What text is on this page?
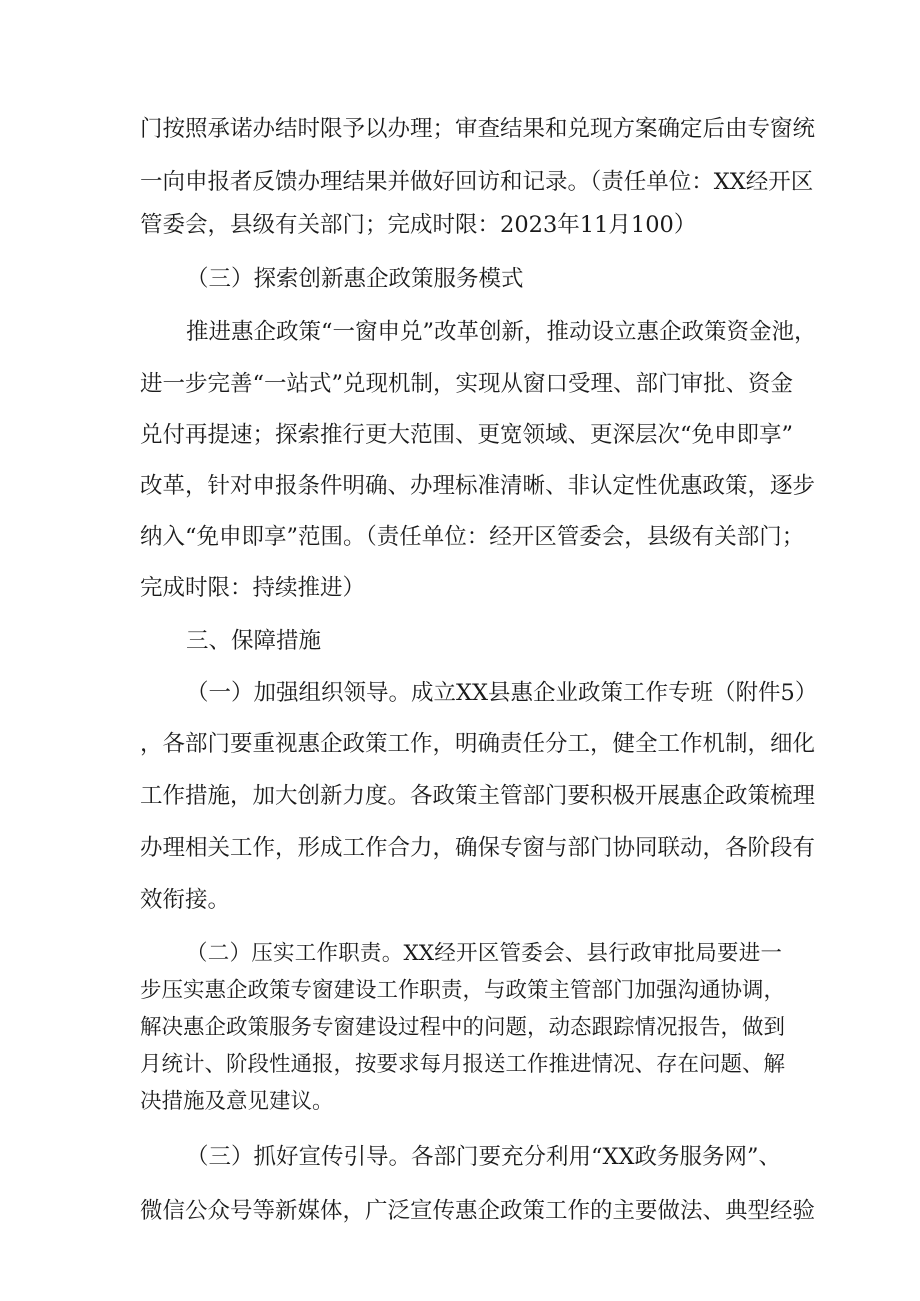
门按照承诺办结时限予以办理；审查结果和兑现方案确定后由专窗统
一向申报者反馈办理结果并做好回访和记录。（责任单位：XX经开区
管委会，县级有关部门；完成时限：2023年11月100）
（三）探索创新惠企政策服务模式
推进惠企政策“一窗申兑”改革创新，推动设立惠企政策资金池，
进一步完善“一站式”兑现机制，实现从窗口受理、部门审批、资金
兑付再提速；探索推行更大范围、更宽领域、更深层次“免申即享”
改革，针对申报条件明确、办理标准清晰、非认定性优惠政策，逐步
纳入“免申即享”范围。（责任单位：经开区管委会，县级有关部门；
完成时限：持续推进）
三、保障措施
（一）加强组织领导。成立XX县惠企业政策工作专班（附件5）
，各部门要重视惠企政策工作，明确责任分工，健全工作机制，细化
工作措施，加大创新力度。各政策主管部门要积极开展惠企政策梳理
办理相关工作，形成工作合力，确保专窗与部门协同联动，各阶段有
效衔接。
（二）压实工作职责。XX经开区管委会、县行政审批局要进一
步压实惠企政策专窗建设工作职责，与政策主管部门加强沟通协调，
解决惠企政策服务专窗建设过程中的问题，动态跟踪情况报告，做到
月统计、阶段性通报，按要求每月报送工作推进情况、存在问题、解
决措施及意见建议。
（三）抓好宣传引导。各部门要充分利用“XX政务服务网”、
微信公众号等新媒体，广泛宣传惠企政策工作的主要做法、典型经验
